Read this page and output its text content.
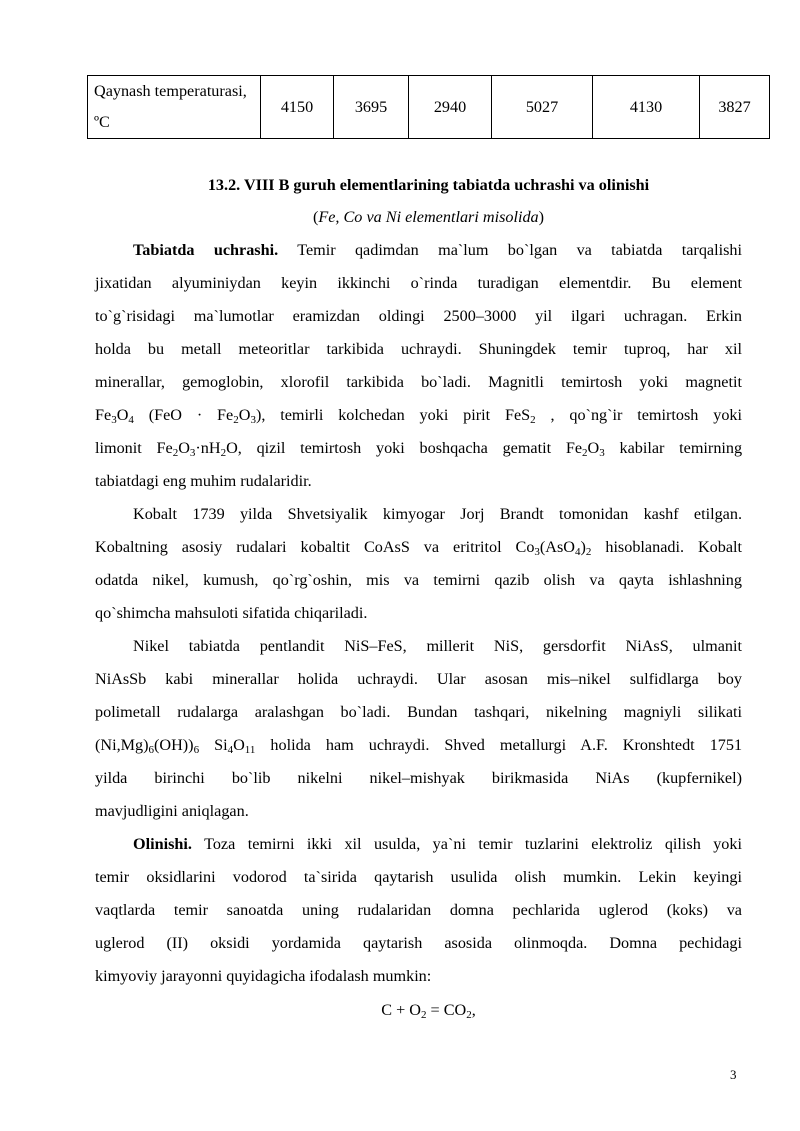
Qaynash temperaturasi, ºC	4150	3695	2940	5027	4130	3827
13.2. VIII B guruh elementlarining tabiatda uchrashi va olinishi
(Fe, Co va Ni elementlari misolida)
Tabiatda uchrashi. Temir qadimdan ma`lum bo`lgan va tabiatda tarqalishi
jixatidan alyuminiydan keyin ikkinchi o`rinda turadigan elementdir. Bu element
to`g`risidagi ma`lumotlar eramizdan oldingi 2500–3000 yil ilgari uchragan. Erkin
holda bu metall meteoritlar tarkibida uchraydi. Shuningdek temir tuproq, har xil
minerallar, gemoglobin, xlorofil tarkibida bo`ladi. Magnitli temirtosh yoki magnetit
$Fe_3O_4$ $(FeO \cdot Fe_2O_3)$, temirli kolchedan yoki pirit FeS$_2$ , qo`ng`ir temirtosh yoki
limonit $Fe_2O_3\cdot nH_2O$, qizil temirtosh yoki boshqacha gematit $Fe_2O_3$ kabilar temirning
tabiatdagi eng muhim rudalaridir.
Kobalt 1739 yilda Shvetsiyalik kimyogar Jorj Brandt tomonidan kashf etilgan.
Kobaltning asosiy rudalari kobaltit CoAsS va eritritol $Co_3(AsO_4)_2$ hisoblanadi. Kobalt
odatda nikel, kumush, qo`rg`oshin, mis va temirni qazib olish va qayta ishlashning
qo`shimcha mahsuloti sifatida chiqariladi.
Nikel tabiatda pentlandit NiS–FeS, millerit NiS, gersdorfit NiAsS, ulmanit
NiAsSb kabi minerallar holida uchraydi. Ular asosan mis–nikel sulfidlarga boy
polimetall rudalarga aralashgan bo`ladi. Bundan tashqari, nikelning magniyli silikati
$(Ni,Mg)_6(OH))_6$ $Si_4O_{11}$ holida ham uchraydi. Shved metallurgi A.F. Kronshtedt 1751
yilda birinchi bo`lib nikelni nikel–mishyak birikmasida NiAs (kupfernikel)
mavjudligini aniqlagan.
Olinishi. Toza temirni ikki xil usulda, ya`ni temir tuzlarini elektroliz qilish yoki
temir oksidlarini vodorod ta`sirida qaytarish usulida olish mumkin. Lekin keyingi
vaqtlarda temir sanoatda uning rudalaridan domna pechlarida uglerod (koks) va
uglerod (II) oksidi yordamida qaytarish asosida olinmoqda. Domna pechidagi
kimyoviy jarayonni quyidagicha ifodalash mumkin:
$C + O_2 = CO_2$,
3
